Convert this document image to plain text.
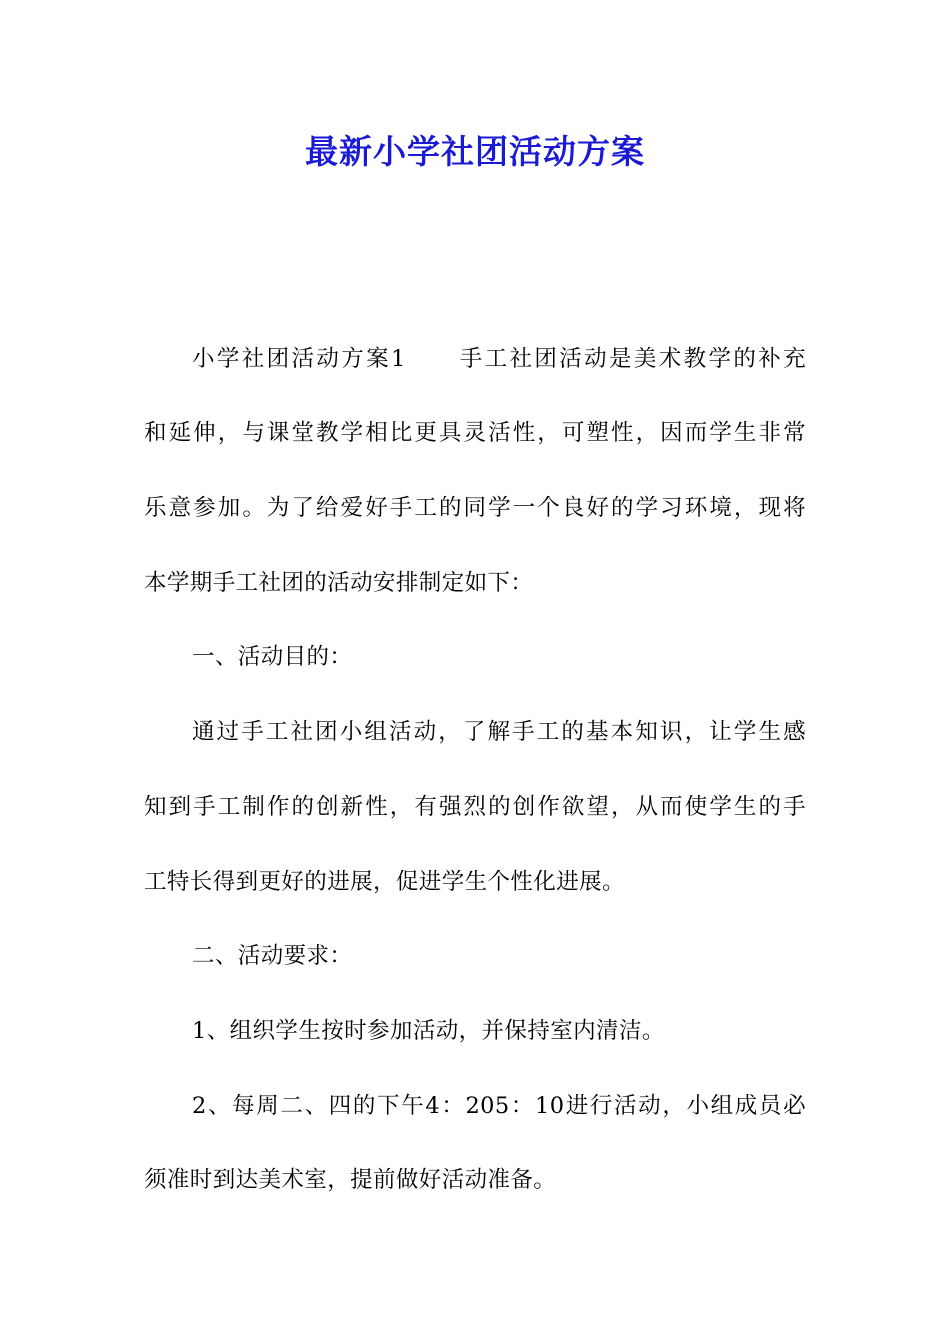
最新小学社团活动方案
小学社团活动方案1 手工社团活动是美术教学的补充
和延伸，与课堂教学相比更具灵活性，可塑性，因而学生非常
乐意参加。为了给爱好手工的同学一个良好的学习环境，现将
本学期手工社团的活动安排制定如下：
一、活动目的：
通过手工社团小组活动，了解手工的基本知识，让学生感
知到手工制作的创新性，有强烈的创作欲望，从而使学生的手
工特长得到更好的进展，促进学生个性化进展。
二、活动要求：
1、组织学生按时参加活动，并保持室内清洁。
2、每周二、四的下午4：205：10进行活动，小组成员必
须准时到达美术室，提前做好活动准备。
